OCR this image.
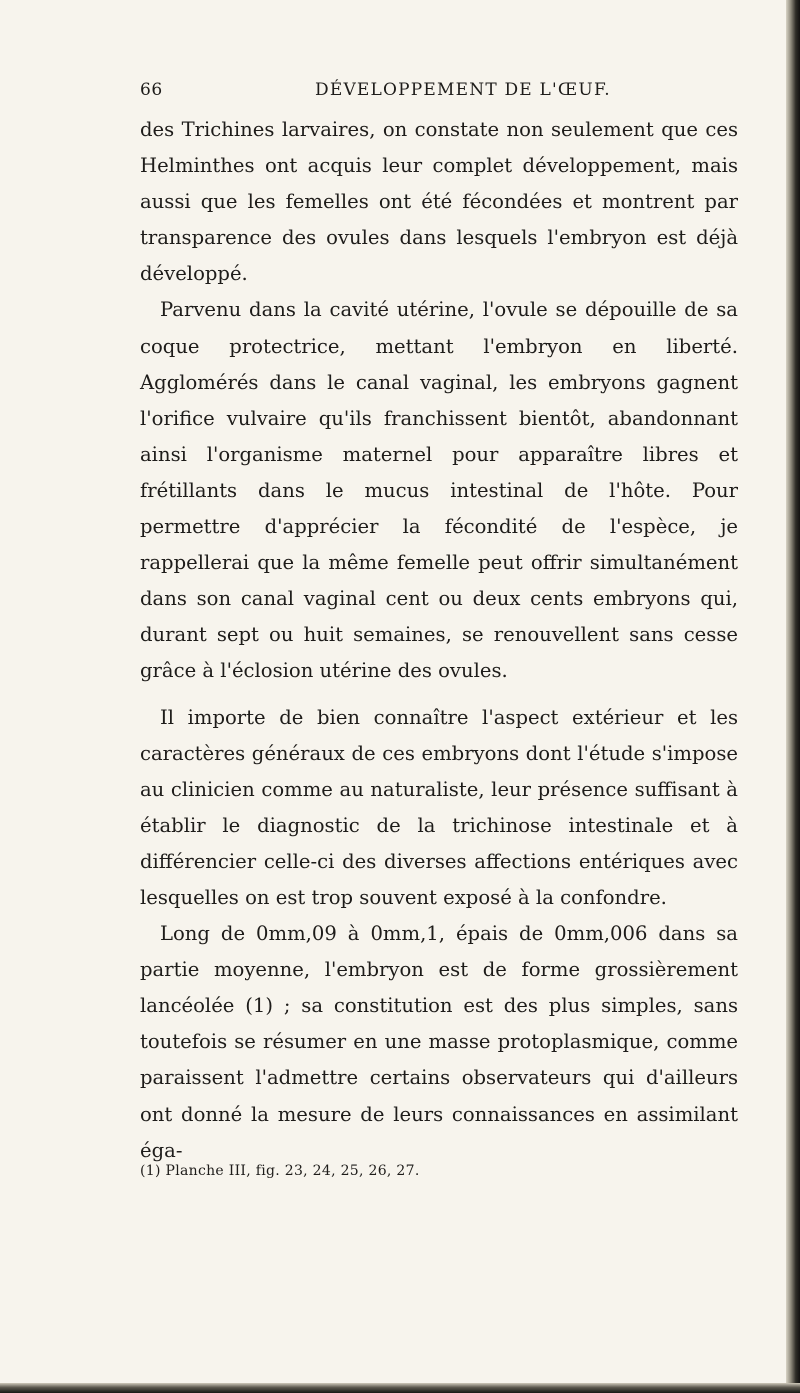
66	DÉVELOPPEMENT DE L'ŒUF.

des Trichines larvaires, on constate non seulement que ces Helminthes ont acquis leur complet développement, mais aussi que les femelles ont été fécondées et montrent par transparence des ovules dans lesquels l'embryon est déjà développé.

Parvenu dans la cavité utérine, l'ovule se dépouille de sa coque protectrice, mettant l'embryon en liberté. Agglomérés dans le canal vaginal, les embryons gagnent l'orifice vulvaire qu'ils franchissent bientôt, abandonnant ainsi l'organisme maternel pour apparaître libres et frétillants dans le mucus intestinal de l'hôte. Pour permettre d'apprécier la fécondité de l'espèce, je rappellerai que la même femelle peut offrir simultanément dans son canal vaginal cent ou deux cents embryons qui, durant sept ou huit semaines, se renouvellent sans cesse grâce à l'éclosion utérine des ovules.

Il importe de bien connaître l'aspect extérieur et les caractères généraux de ces embryons dont l'étude s'impose au clinicien comme au naturaliste, leur présence suffisant à établir le diagnostic de la trichinose intestinale et à différencier celle-ci des diverses affections entériques avec lesquelles on est trop souvent exposé à la confondre.

Long de 0mm,09 à 0mm,1, épais de 0mm,006 dans sa partie moyenne, l'embryon est de forme grossièrement lancéolée (1) ; sa constitution est des plus simples, sans toutefois se résumer en une masse protoplasmique, comme paraissent l'admettre certains observateurs qui d'ailleurs ont donné la mesure de leurs connaissances en assimilant éga-

(1) Planche III, fig. 23, 24, 25, 26, 27.
